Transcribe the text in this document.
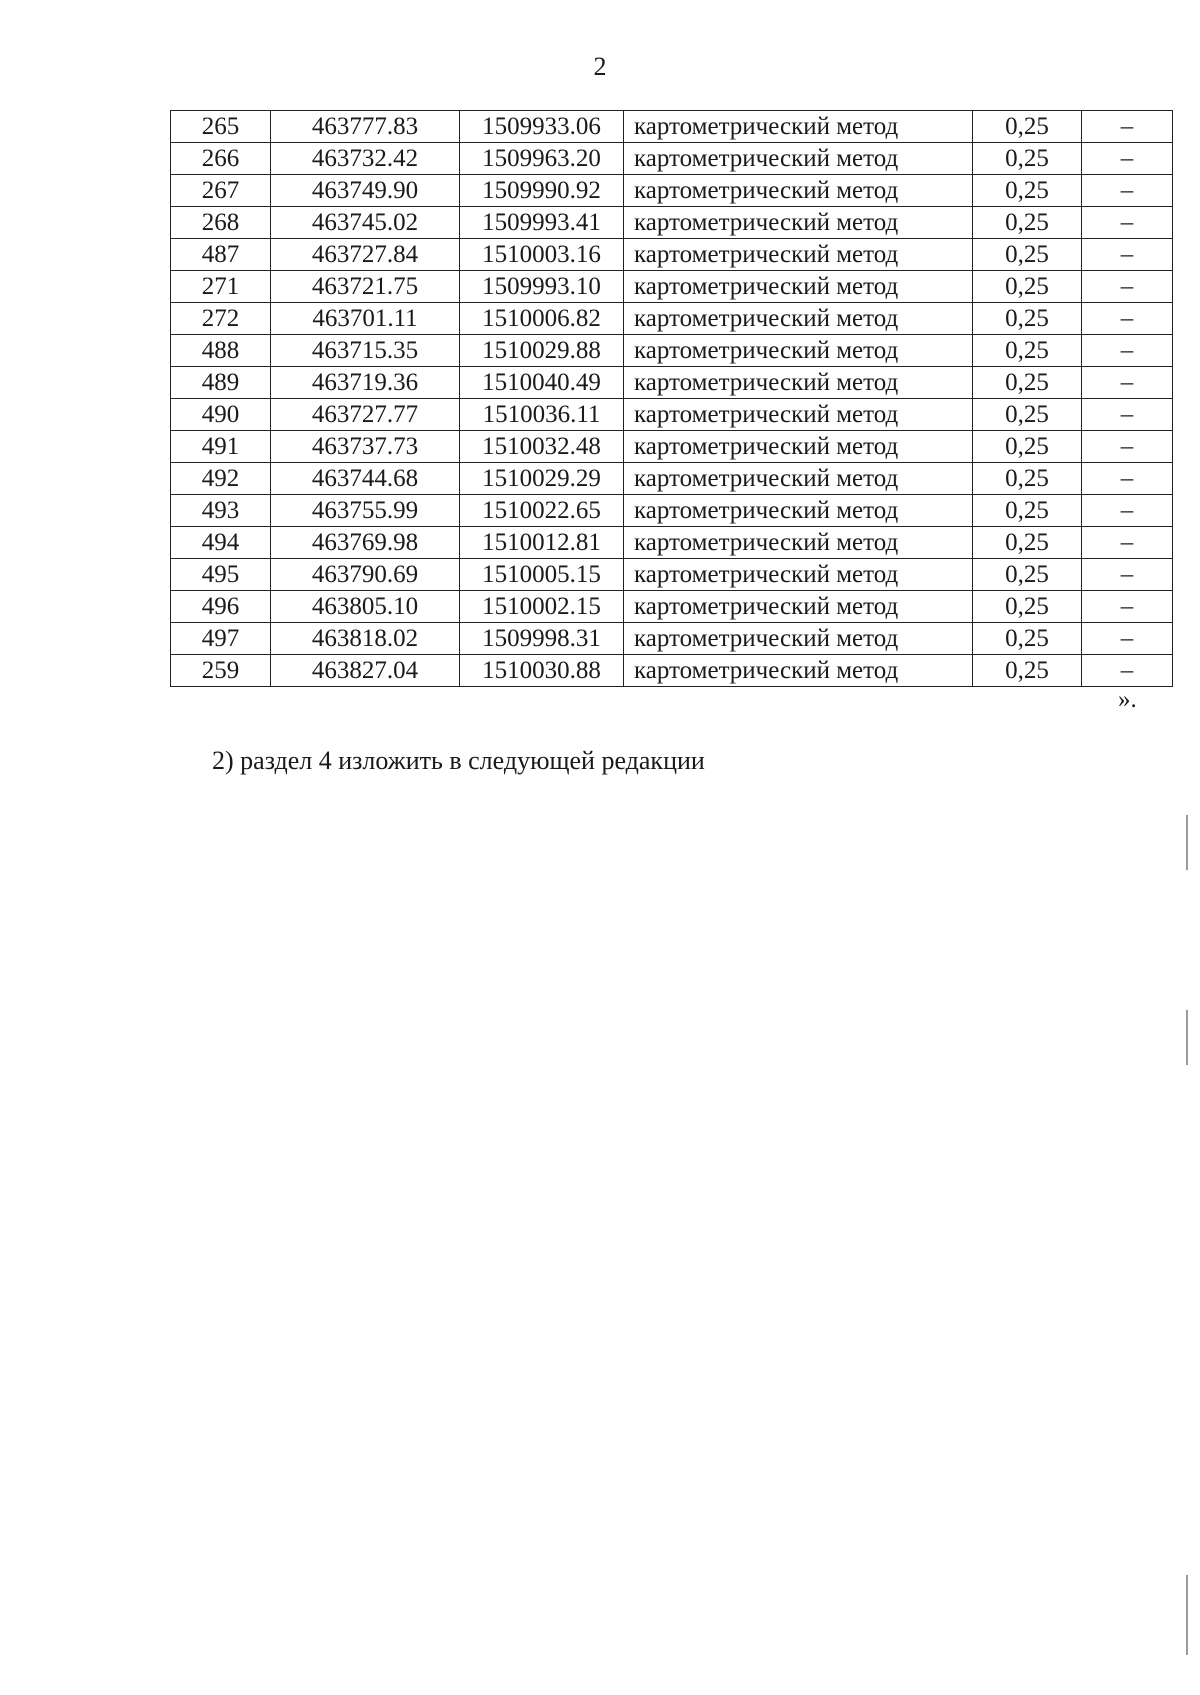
2
265	463777.83	1509933.06	картометрический метод	0,25	–
266	463732.42	1509963.20	картометрический метод	0,25	–
267	463749.90	1509990.92	картометрический метод	0,25	–
268	463745.02	1509993.41	картометрический метод	0,25	–
487	463727.84	1510003.16	картометрический метод	0,25	–
271	463721.75	1509993.10	картометрический метод	0,25	–
272	463701.11	1510006.82	картометрический метод	0,25	–
488	463715.35	1510029.88	картометрический метод	0,25	–
489	463719.36	1510040.49	картометрический метод	0,25	–
490	463727.77	1510036.11	картометрический метод	0,25	–
491	463737.73	1510032.48	картометрический метод	0,25	–
492	463744.68	1510029.29	картометрический метод	0,25	–
493	463755.99	1510022.65	картометрический метод	0,25	–
494	463769.98	1510012.81	картометрический метод	0,25	–
495	463790.69	1510005.15	картометрический метод	0,25	–
496	463805.10	1510002.15	картометрический метод	0,25	–
497	463818.02	1509998.31	картометрический метод	0,25	–
259	463827.04	1510030.88	картометрический метод	0,25	–
».
2) раздел 4 изложить в следующей редакции
